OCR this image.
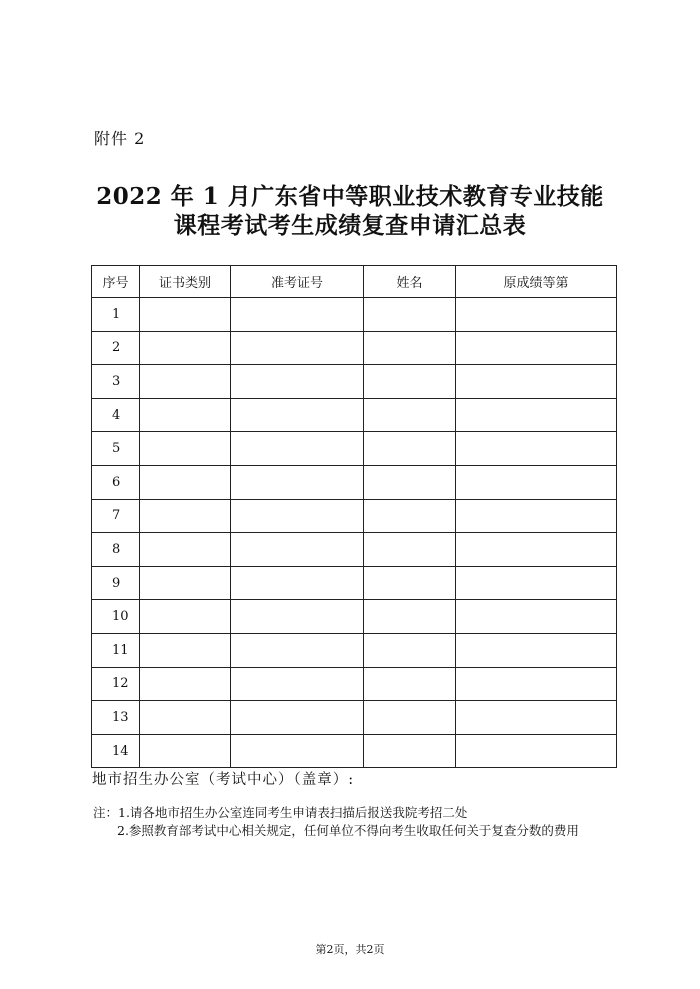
附件 2
2022 年 1 月广东省中等职业技术教育专业技能
课程考试考生成绩复查申请汇总表
序号	证书类别	准考证号	姓名	原成绩等第
1				
2				
3				
4				
5				
6				
7				
8				
9				
10				
11				
12				
13				
14				
地市招生办公室（考试中心）（盖章）:
注：1.请各地市招生办公室连同考生申请表扫描后报送我院考招二处
2.参照教育部考试中心相关规定，任何单位不得向考生收取任何关于复查分数的费用
第2页，共2页
